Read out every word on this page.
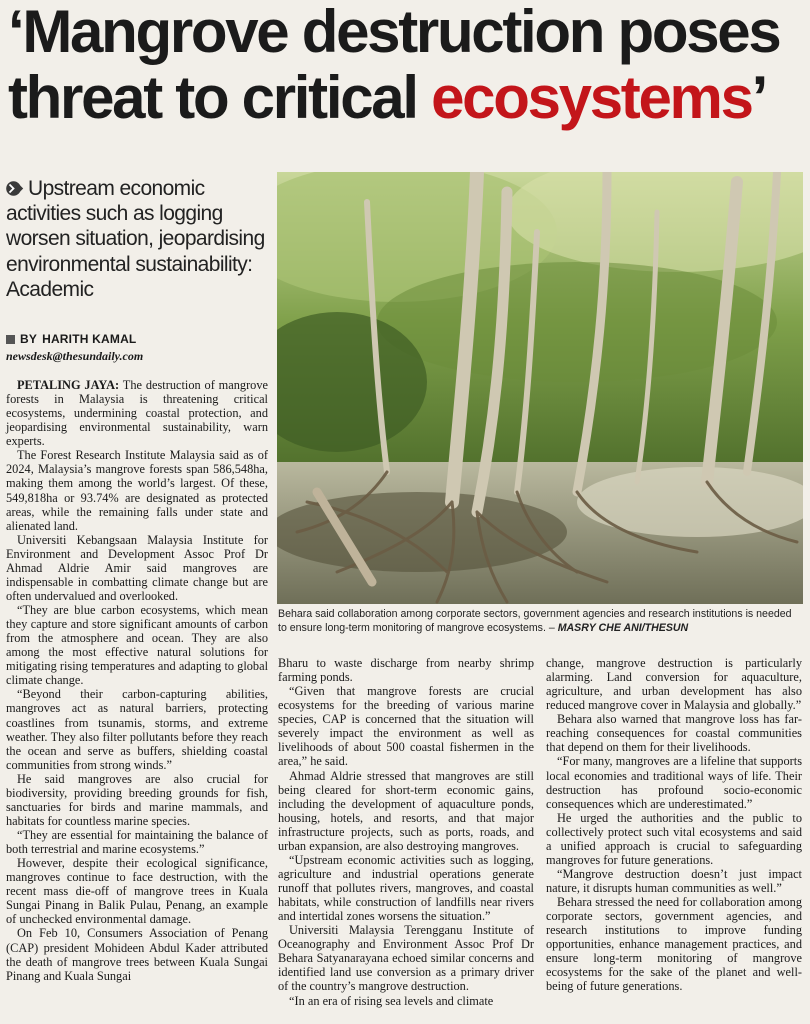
‘Mangrove destruction poses
threat to critical ecosystems’
Upstream economic activities such as logging worsen situation, jeopardising environmental sustainability: Academic
BY HARITH KAMAL
newsdesk@thesundaily.com
Behara said collaboration among corporate sectors, government agencies and research institutions is needed to ensure long-term monitoring of mangrove ecosystems. – MASRY CHE ANI/THESUN

PETALING JAYA: The destruction of mangrove forests in Malaysia is threatening critical ecosystems, undermining coastal protection, and jeopardising environmental sustainability, warn experts.

The Forest Research Institute Malaysia said as of 2024, Malaysia’s mangrove forests span 586,548ha, making them among the world’s largest. Of these, 549,818ha or 93.74% are designated as protected areas, while the remaining falls under state and alienated land.

Universiti Kebangsaan Malaysia Institute for Environment and Development Assoc Prof Dr Ahmad Aldrie Amir said mangroves are indispensable in combatting climate change but are often undervalued and overlooked.

“They are blue carbon ecosystems, which mean they capture and store significant amounts of carbon from the atmosphere and ocean. They are also among the most effective natural solutions for mitigating rising temperatures and adapting to global climate change.

“Beyond their carbon-capturing abilities, mangroves act as natural barriers, protecting coastlines from tsunamis, storms, and extreme weather. They also filter pollutants before they reach the ocean and serve as buffers, shielding coastal communities from strong winds.”

He said mangroves are also crucial for biodiversity, providing breeding grounds for fish, sanctuaries for birds and marine mammals, and habitats for countless marine species.

“They are essential for maintaining the balance of both terrestrial and marine ecosystems.”

However, despite their ecological significance, mangroves continue to face destruction, with the recent mass die-off of mangrove trees in Kuala Sungai Pinang in Balik Pulau, Penang, an example of unchecked environmental damage.

On Feb 10, Consumers Association of Penang (CAP) president Mohideen Abdul Kader attributed the death of mangrove trees between Kuala Sungai Pinang and Kuala Sungai

Bharu to waste discharge from nearby shrimp farming ponds.

“Given that mangrove forests are crucial ecosystems for the breeding of various marine species, CAP is concerned that the situation will severely impact the environment as well as livelihoods of about 500 coastal fishermen in the area,” he said.

Ahmad Aldrie stressed that mangroves are still being cleared for short-term economic gains, including the development of aquaculture ponds, housing, hotels, and resorts, and that major infrastructure projects, such as ports, roads, and urban expansion, are also destroying mangroves.

“Upstream economic activities such as logging, agriculture and industrial operations generate runoff that pollutes rivers, mangroves, and coastal habitats, while construction of landfills near rivers and intertidal zones worsens the situation.”

Universiti Malaysia Terengganu Institute of Oceanography and Environment Assoc Prof Dr Behara Satyanarayana echoed similar concerns and identified land use conversion as a primary driver of the country’s mangrove destruction.

“In an era of rising sea levels and climate

change, mangrove destruction is particularly alarming. Land conversion for aquaculture, agriculture, and urban development has also reduced mangrove cover in Malaysia and globally.”

Behara also warned that mangrove loss has far-reaching consequences for coastal communities that depend on them for their livelihoods.

“For many, mangroves are a lifeline that supports local economies and traditional ways of life. Their destruction has profound socio-economic consequences which are underestimated.”

He urged the authorities and the public to collectively protect such vital ecosystems and said a unified approach is crucial to safeguarding mangroves for future generations.

“Mangrove destruction doesn’t just impact nature, it disrupts human communities as well.”

Behara stressed the need for collaboration among corporate sectors, government agencies, and research institutions to improve funding opportunities, enhance management practices, and ensure long-term monitoring of mangrove ecosystems for the sake of the planet and well-being of future generations.
